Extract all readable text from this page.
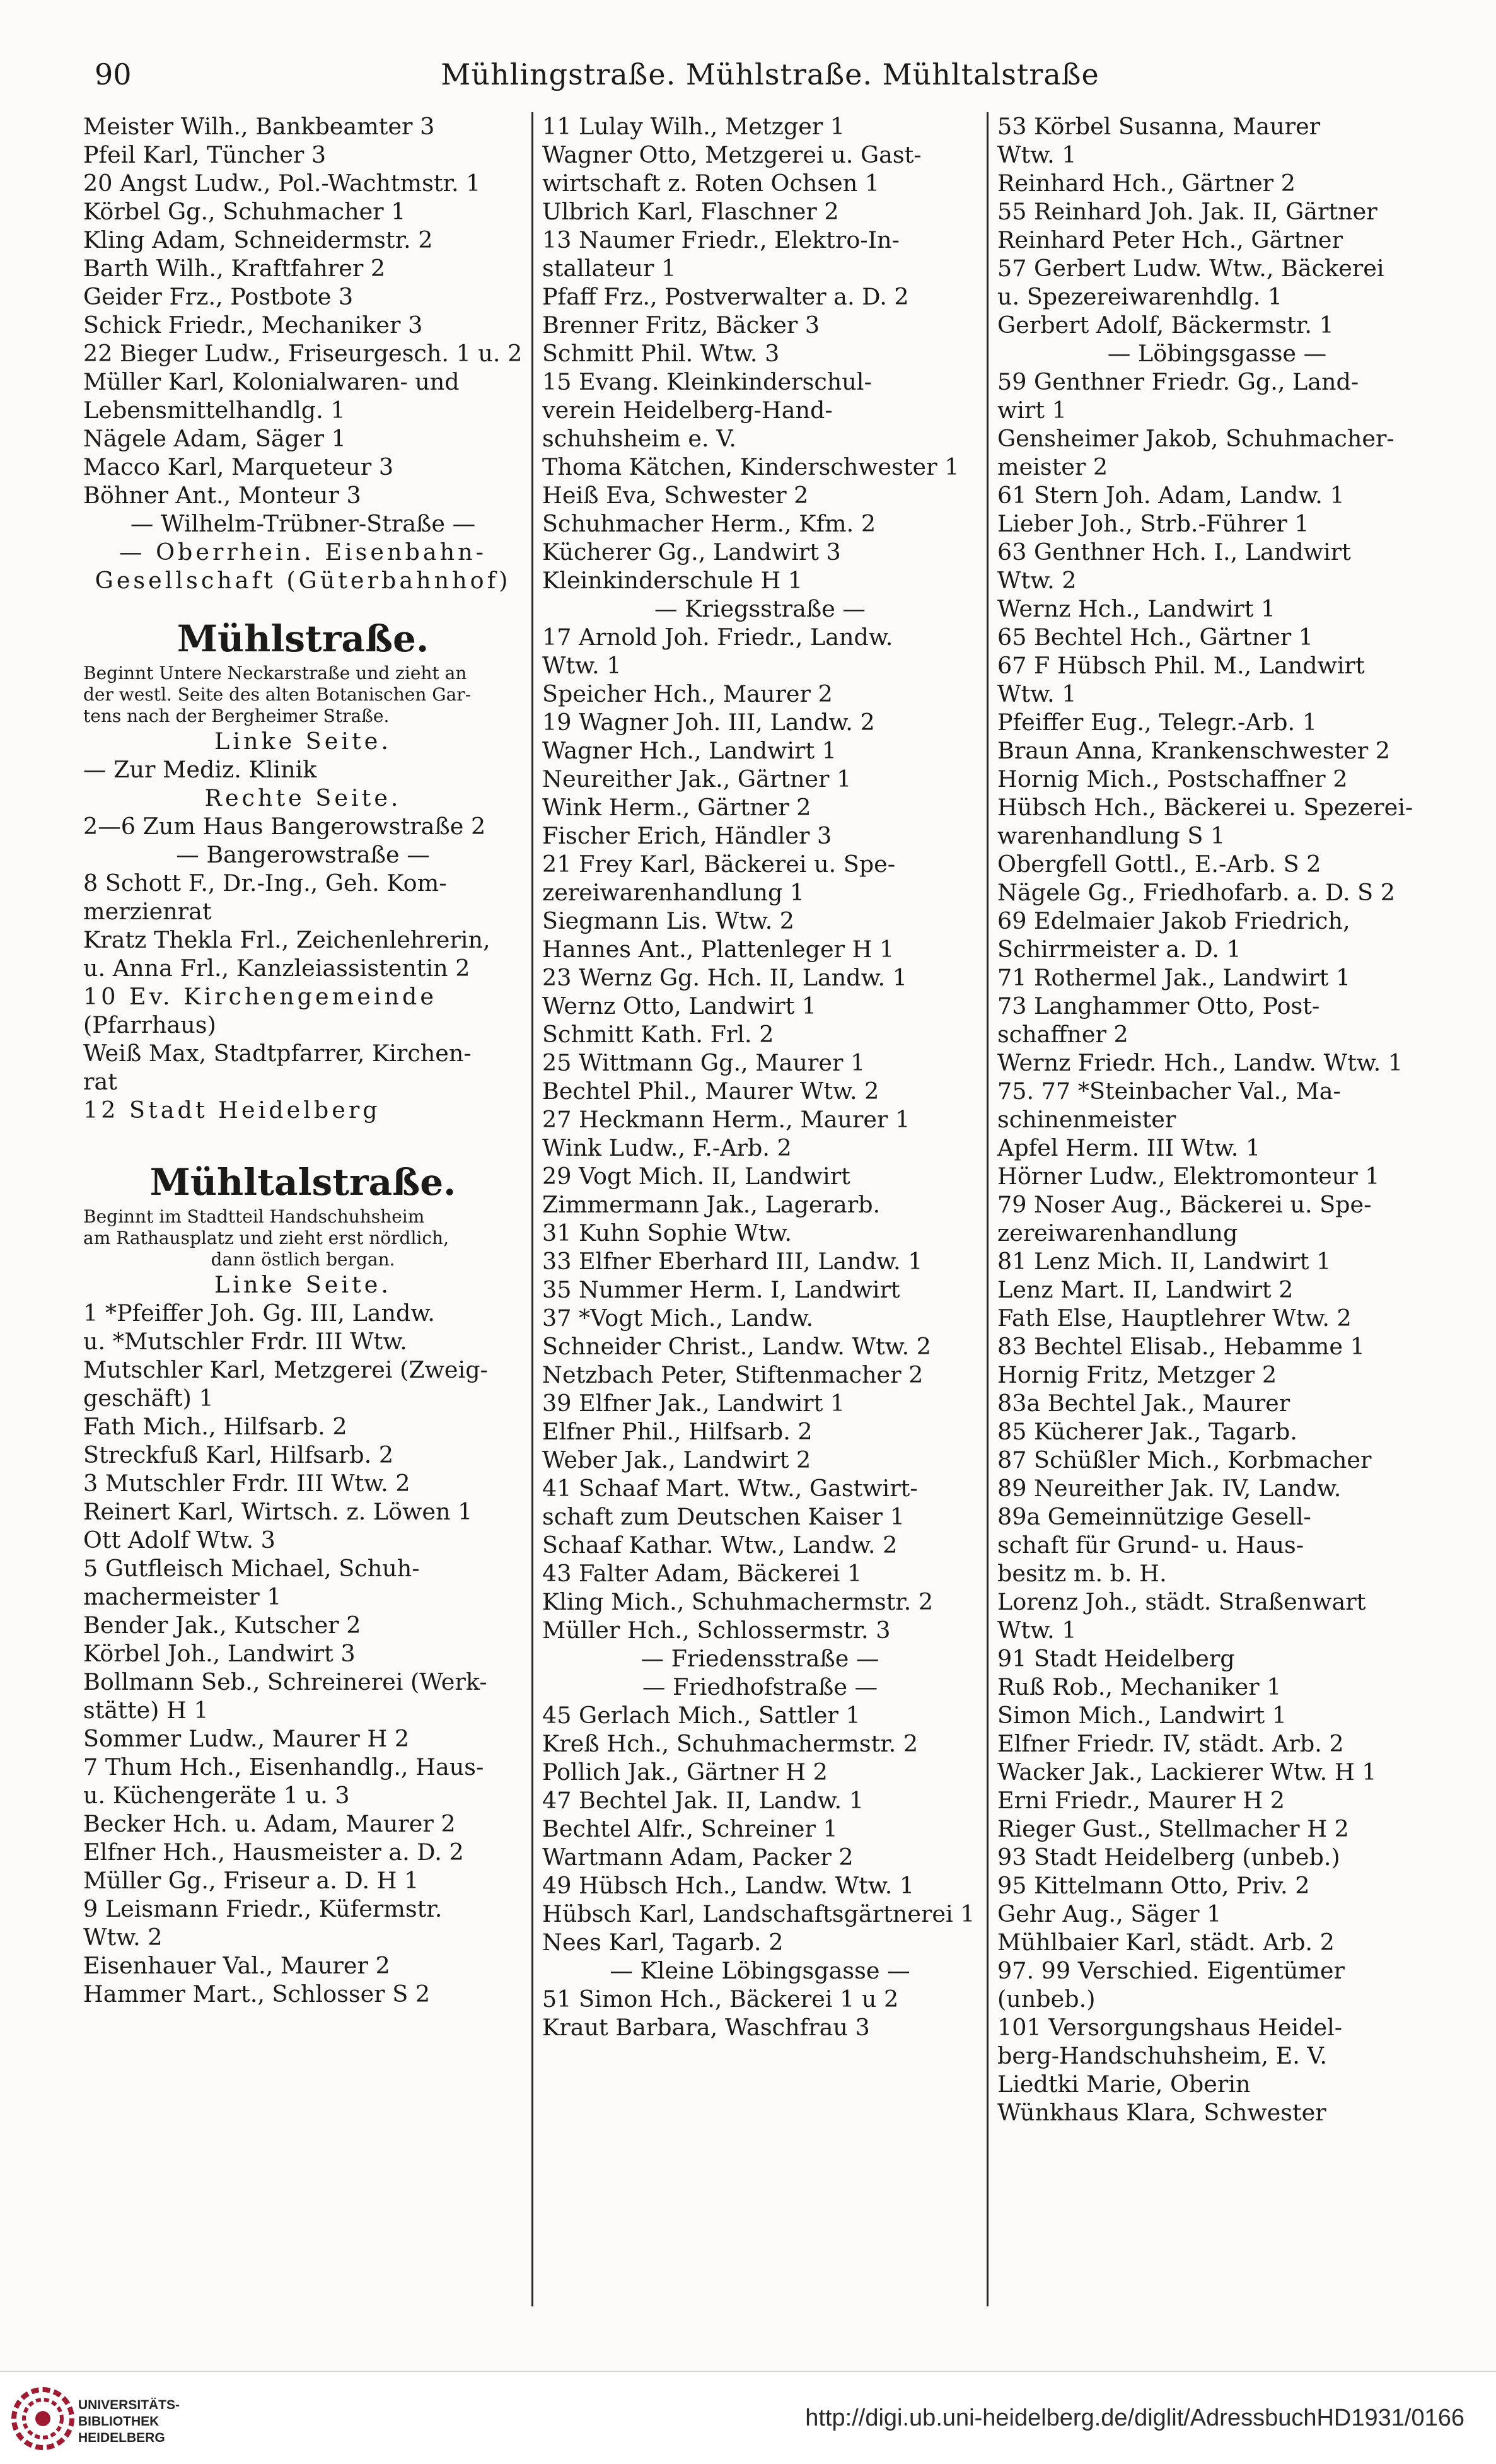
90	Mühlingstraße. Mühlstraße. Mühltalstraße
Meister Wilh., Bankbeamter 3
Pfeil Karl, Tüncher 3
20 Angst Ludw., Pol.-Wachtmstr. 1
Körbel Gg., Schuhmacher 1
Kling Adam, Schneidermstr. 2
Barth Wilh., Kraftfahrer 2
Geider Frz., Postbote 3
Schick Friedr., Mechaniker 3
22 Bieger Ludw., Friseurgesch. 1 u. 2
Müller Karl, Kolonialwaren- und
Lebensmittelhandlg. 1
Nägele Adam, Säger 1
Macco Karl, Marqueteur 3
Böhner Ant., Monteur 3
— Wilhelm-Trübner-Straße —
— Oberrhein. Eisenbahn-
Gesellschaft (Güterbahnhof)
Mühlstraße.
Beginnt Untere Neckarstraße und zieht an
der westl. Seite des alten Botanischen Gar-
tens nach der Bergheimer Straße.
Linke Seite.
— Zur Mediz. Klinik
Rechte Seite.
2—6 Zum Haus Bangerowstraße 2
— Bangerowstraße —
8 Schott F., Dr.-Ing., Geh. Kom-
merzienrat
Kratz Thekla Frl., Zeichenlehrerin,
u. Anna Frl., Kanzleiassistentin 2
10 Ev. Kirchengemeinde
(Pfarrhaus)
Weiß Max, Stadtpfarrer, Kirchen-
rat
12 Stadt Heidelberg
Mühltalstraße.
Beginnt im Stadtteil Handschuhsheim
am Rathausplatz und zieht erst nördlich,
dann östlich bergan.
Linke Seite.
1 *Pfeiffer Joh. Gg. III, Landw.
u. *Mutschler Frdr. III Wtw.
Mutschler Karl, Metzgerei (Zweig-
geschäft) 1
Fath Mich., Hilfsarb. 2
Streckfuß Karl, Hilfsarb. 2
3 Mutschler Frdr. III Wtw. 2
Reinert Karl, Wirtsch. z. Löwen 1
Ott Adolf Wtw. 3
5 Gutfleisch Michael, Schuh-
machermeister 1
Bender Jak., Kutscher 2
Körbel Joh., Landwirt 3
Bollmann Seb., Schreinerei (Werk-
stätte) H 1
Sommer Ludw., Maurer H 2
7 Thum Hch., Eisenhandlg., Haus-
u. Küchengeräte 1 u. 3
Becker Hch. u. Adam, Maurer 2
Elfner Hch., Hausmeister a. D. 2
Müller Gg., Friseur a. D. H 1
9 Leismann Friedr., Küfermstr.
Wtw. 2
Eisenhauer Val., Maurer 2
Hammer Mart., Schlosser S 2
11 Lulay Wilh., Metzger 1
Wagner Otto, Metzgerei u. Gast-
wirtschaft z. Roten Ochsen 1
Ulbrich Karl, Flaschner 2
13 Naumer Friedr., Elektro-In-
stallateur 1
Pfaff Frz., Postverwalter a. D. 2
Brenner Fritz, Bäcker 3
Schmitt Phil. Wtw. 3
15 Evang. Kleinkinderschul-
verein Heidelberg-Hand-
schuhsheim e. V.
Thoma Kätchen, Kinderschwester 1
Heiß Eva, Schwester 2
Schuhmacher Herm., Kfm. 2
Kücherer Gg., Landwirt 3
Kleinkinderschule H 1
— Kriegsstraße —
17 Arnold Joh. Friedr., Landw.
Wtw. 1
Speicher Hch., Maurer 2
19 Wagner Joh. III, Landw. 2
Wagner Hch., Landwirt 1
Neureither Jak., Gärtner 1
Wink Herm., Gärtner 2
Fischer Erich, Händler 3
21 Frey Karl, Bäckerei u. Spe-
zereiwarenhandlung 1
Siegmann Lis. Wtw. 2
Hannes Ant., Plattenleger H 1
23 Wernz Gg. Hch. II, Landw. 1
Wernz Otto, Landwirt 1
Schmitt Kath. Frl. 2
25 Wittmann Gg., Maurer 1
Bechtel Phil., Maurer Wtw. 2
27 Heckmann Herm., Maurer 1
Wink Ludw., F.-Arb. 2
29 Vogt Mich. II, Landwirt
Zimmermann Jak., Lagerarb.
31 Kuhn Sophie Wtw.
33 Elfner Eberhard III, Landw. 1
35 Nummer Herm. I, Landwirt
37 *Vogt Mich., Landw.
Schneider Christ., Landw. Wtw. 2
Netzbach Peter, Stiftenmacher 2
39 Elfner Jak., Landwirt 1
Elfner Phil., Hilfsarb. 2
Weber Jak., Landwirt 2
41 Schaaf Mart. Wtw., Gastwirt-
schaft zum Deutschen Kaiser 1
Schaaf Kathar. Wtw., Landw. 2
43 Falter Adam, Bäckerei 1
Kling Mich., Schuhmachermstr. 2
Müller Hch., Schlossermstr. 3
— Friedensstraße —
— Friedhofstraße —
45 Gerlach Mich., Sattler 1
Kreß Hch., Schuhmachermstr. 2
Pollich Jak., Gärtner H 2
47 Bechtel Jak. II, Landw. 1
Bechtel Alfr., Schreiner 1
Wartmann Adam, Packer 2
49 Hübsch Hch., Landw. Wtw. 1
Hübsch Karl, Landschaftsgärtnerei 1
Nees Karl, Tagarb. 2
— Kleine Löbingsgasse —
51 Simon Hch., Bäckerei 1 u 2
Kraut Barbara, Waschfrau 3
53 Körbel Susanna, Maurer
Wtw. 1
Reinhard Hch., Gärtner 2
55 Reinhard Joh. Jak. II, Gärtner
Reinhard Peter Hch., Gärtner
57 Gerbert Ludw. Wtw., Bäckerei
u. Spezereiwarenhdlg. 1
Gerbert Adolf, Bäckermstr. 1
— Löbingsgasse —
59 Genthner Friedr. Gg., Land-
wirt 1
Gensheimer Jakob, Schuhmacher-
meister 2
61 Stern Joh. Adam, Landw. 1
Lieber Joh., Strb.-Führer 1
63 Genthner Hch. I., Landwirt
Wtw. 2
Wernz Hch., Landwirt 1
65 Bechtel Hch., Gärtner 1
67 F Hübsch Phil. M., Landwirt
Wtw. 1
Pfeiffer Eug., Telegr.-Arb. 1
Braun Anna, Krankenschwester 2
Hornig Mich., Postschaffner 2
Hübsch Hch., Bäckerei u. Spezerei-
warenhandlung S 1
Obergfell Gottl., E.-Arb. S 2
Nägele Gg., Friedhofarb. a. D. S 2
69 Edelmaier Jakob Friedrich,
Schirrmeister a. D. 1
71 Rothermel Jak., Landwirt 1
73 Langhammer Otto, Post-
schaffner 2
Wernz Friedr. Hch., Landw. Wtw. 1
75. 77 *Steinbacher Val., Ma-
schinenmeister
Apfel Herm. III Wtw. 1
Hörner Ludw., Elektromonteur 1
79 Noser Aug., Bäckerei u. Spe-
zereiwarenhandlung
81 Lenz Mich. II, Landwirt 1
Lenz Mart. II, Landwirt 2
Fath Else, Hauptlehrer Wtw. 2
83 Bechtel Elisab., Hebamme 1
Hornig Fritz, Metzger 2
83a Bechtel Jak., Maurer
85 Kücherer Jak., Tagarb.
87 Schüßler Mich., Korbmacher
89 Neureither Jak. IV, Landw.
89a Gemeinnützige Gesell-
schaft für Grund- u. Haus-
besitz m. b. H.
Lorenz Joh., städt. Straßenwart
Wtw. 1
91 Stadt Heidelberg
Ruß Rob., Mechaniker 1
Simon Mich., Landwirt 1
Elfner Friedr. IV, städt. Arb. 2
Wacker Jak., Lackierer Wtw. H 1
Erni Friedr., Maurer H 2
Rieger Gust., Stellmacher H 2
93 Stadt Heidelberg (unbeb.)
95 Kittelmann Otto, Priv. 2
Gehr Aug., Säger 1
Mühlbaier Karl, städt. Arb. 2
97. 99 Verschied. Eigentümer
(unbeb.)
101 Versorgungshaus Heidel-
berg-Handschuhsheim, E. V.
Liedtki Marie, Oberin
Wünkhaus Klara, Schwester
UNIVERSITÄTS-
BIBLIOTHEK
HEIDELBERG
http://digi.ub.uni-heidelberg.de/diglit/AdressbuchHD1931/0166
